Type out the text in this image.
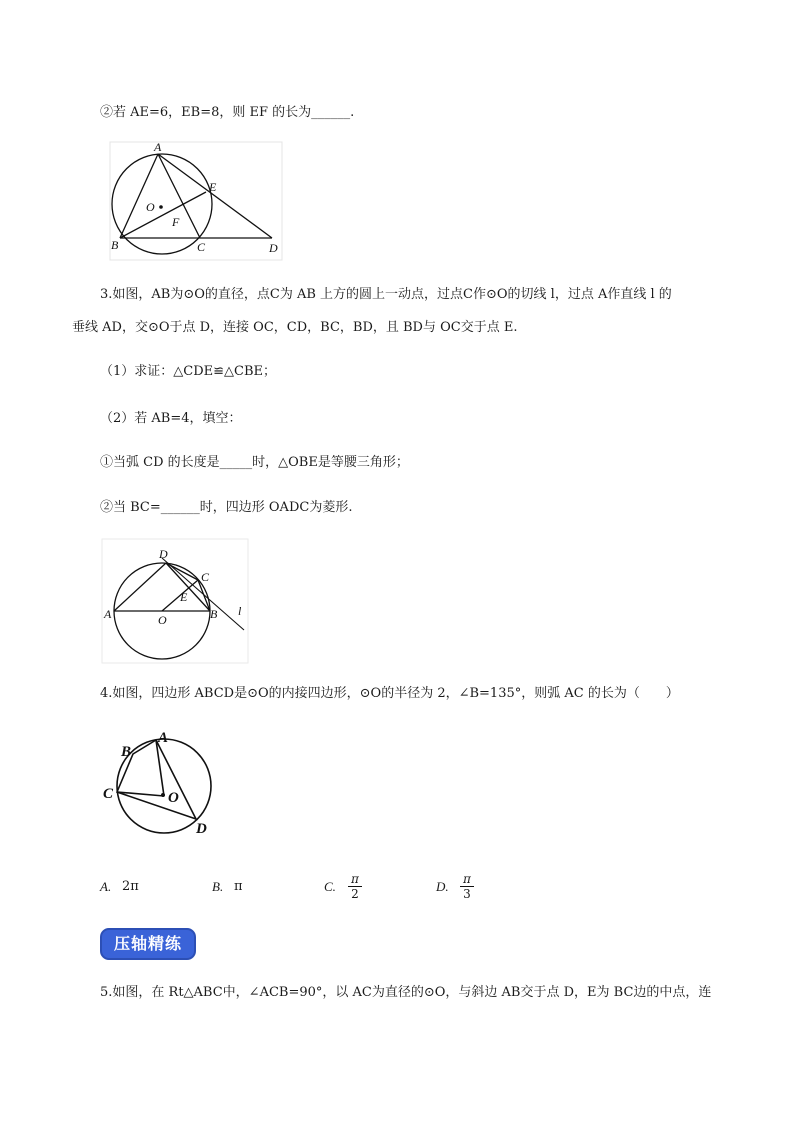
②若 AE=6，EB=8，则 EF 的长为______.
A
E
O
F
B	C	D
3.如图，AB为⊙O的直径，点C为 AB 上方的圆上一动点，过点C作⊙O的切线 l，过点 A作直线 l 的
垂线 AD，交⊙O于点 D，连接 OC，CD，BC，BD，且 BD与 OC交于点 E.
（1）求证：△CDE≌△CBE；
（2）若 AB=4，填空：
①当弧 CD 的长度是_____时，△OBE是等腰三角形；
②当 BC=______时，四边形 OADC为菱形.
D
C
E
A	O	B l
4.如图，四边形 ABCD是⊙O的内接四边形，⊙O的半径为 2，∠B=135°，则弧 AC 的长为（　　）
B
A
C	O
D
A. 2π	B. π	C. $\frac{\pi}{2}$	D. $\frac{\pi}{3}$
压轴精练
5.如图，在 Rt△ABC中，∠ACB=90°，以 AC为直径的⊙O，与斜边 AB交于点 D，E为 BC边的中点，连
